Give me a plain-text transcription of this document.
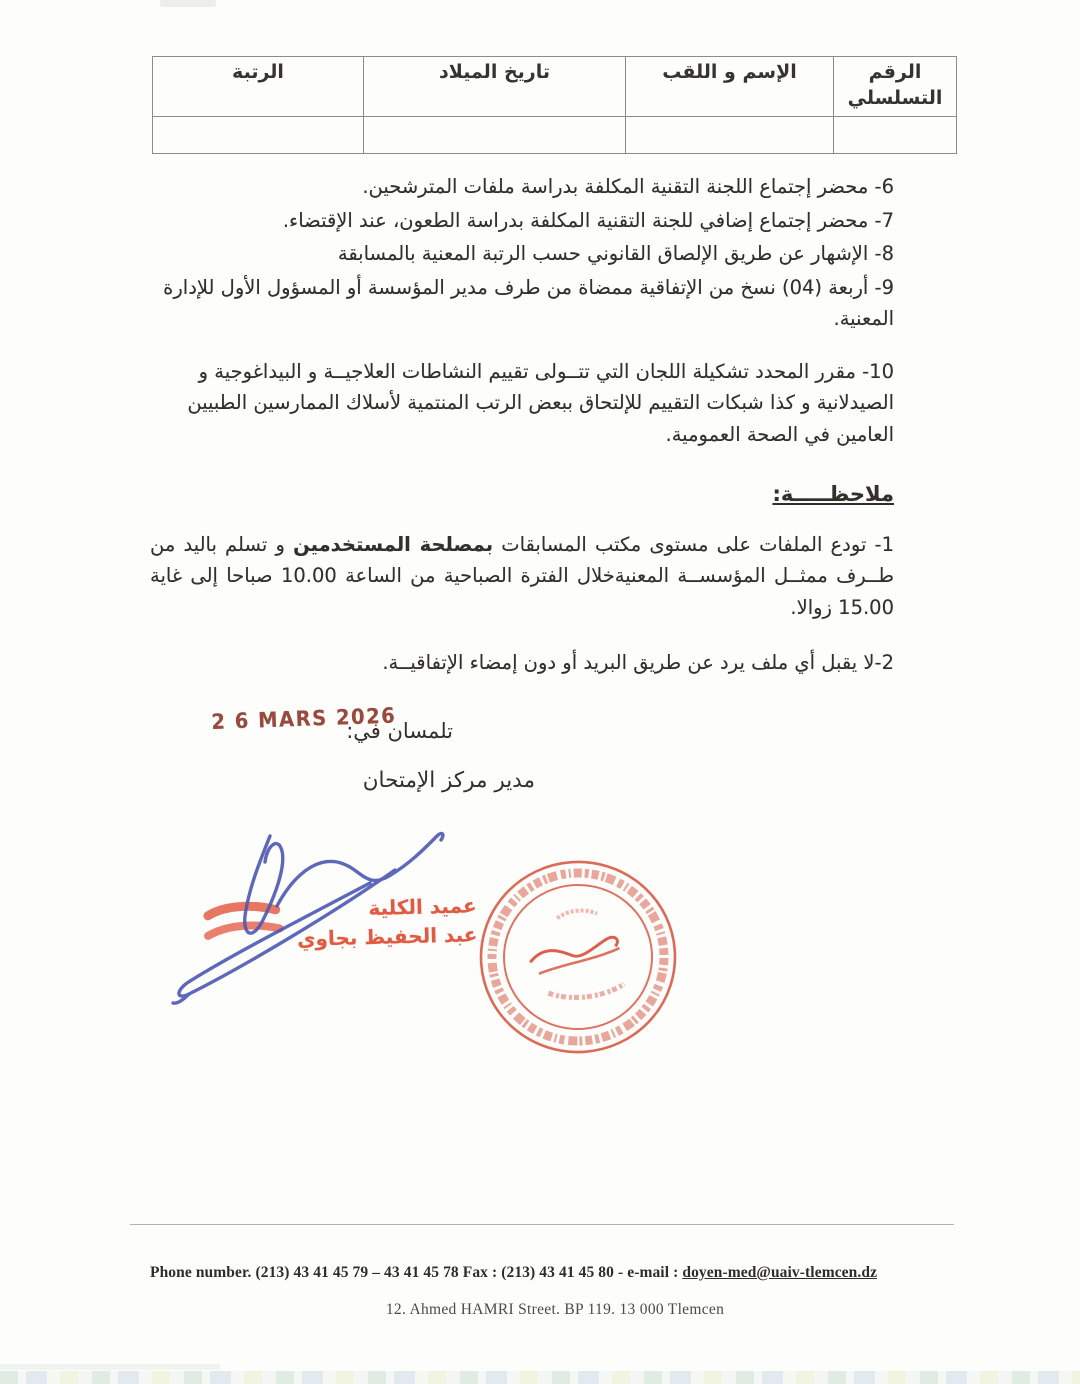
الرقم التسلسلي	الإسم و اللقب	تاريخ الميلاد	الرتبة

6- محضر إجتماع اللجنة التقنية المكلفة بدراسة ملفات المترشحين.

7- محضر إجتماع إضافي للجنة التقنية المكلفة بدراسة الطعون، عند الإقتضاء.

8- الإشهار عن طريق الإلصاق القانوني حسب الرتبة المعنية بالمسابقة

9- أربعة (04) نسخ من الإتفاقية ممضاة من طرف مدير المؤسسة أو المسؤول الأول للإدارة المعنية.

10- مقرر المحدد تشكيلة اللجان التي تتــولى تقييم النشاطات العلاجيــة و البيداغوجية و الصيدلانية و كذا شبكات التقييم للإلتحاق ببعض الرتب المنتمية لأسلاك الممارسين الطبيين العامين في الصحة العمومية.

ملاحظـــــة:

1- تودع الملفات على مستوى مكتب المسابقات بمصلحة المستخدمين و تسلم باليد من طــرف ممثــل المؤسســة المعنيةخلال الفترة الصباحية من الساعة 10.00 صباحا إلى غاية 15.00 زوالا.

2-لا يقبل أي ملف يرد عن طريق البريد أو دون إمضاء الإتفاقيــة.

2 6 MARS 2026
تلمسان في:
مدير مركز الإمتحان
عميد الكلية
عبد الحفيظ بجاوي
Phone number. (213) 43 41 45 79 – 43 41 45 78 Fax : (213) 43 41 45 80 - e-mail : doyen-med@uaiv-tlemcen.dz
12. Ahmed HAMRI Street. BP 119. 13 000 Tlemcen
